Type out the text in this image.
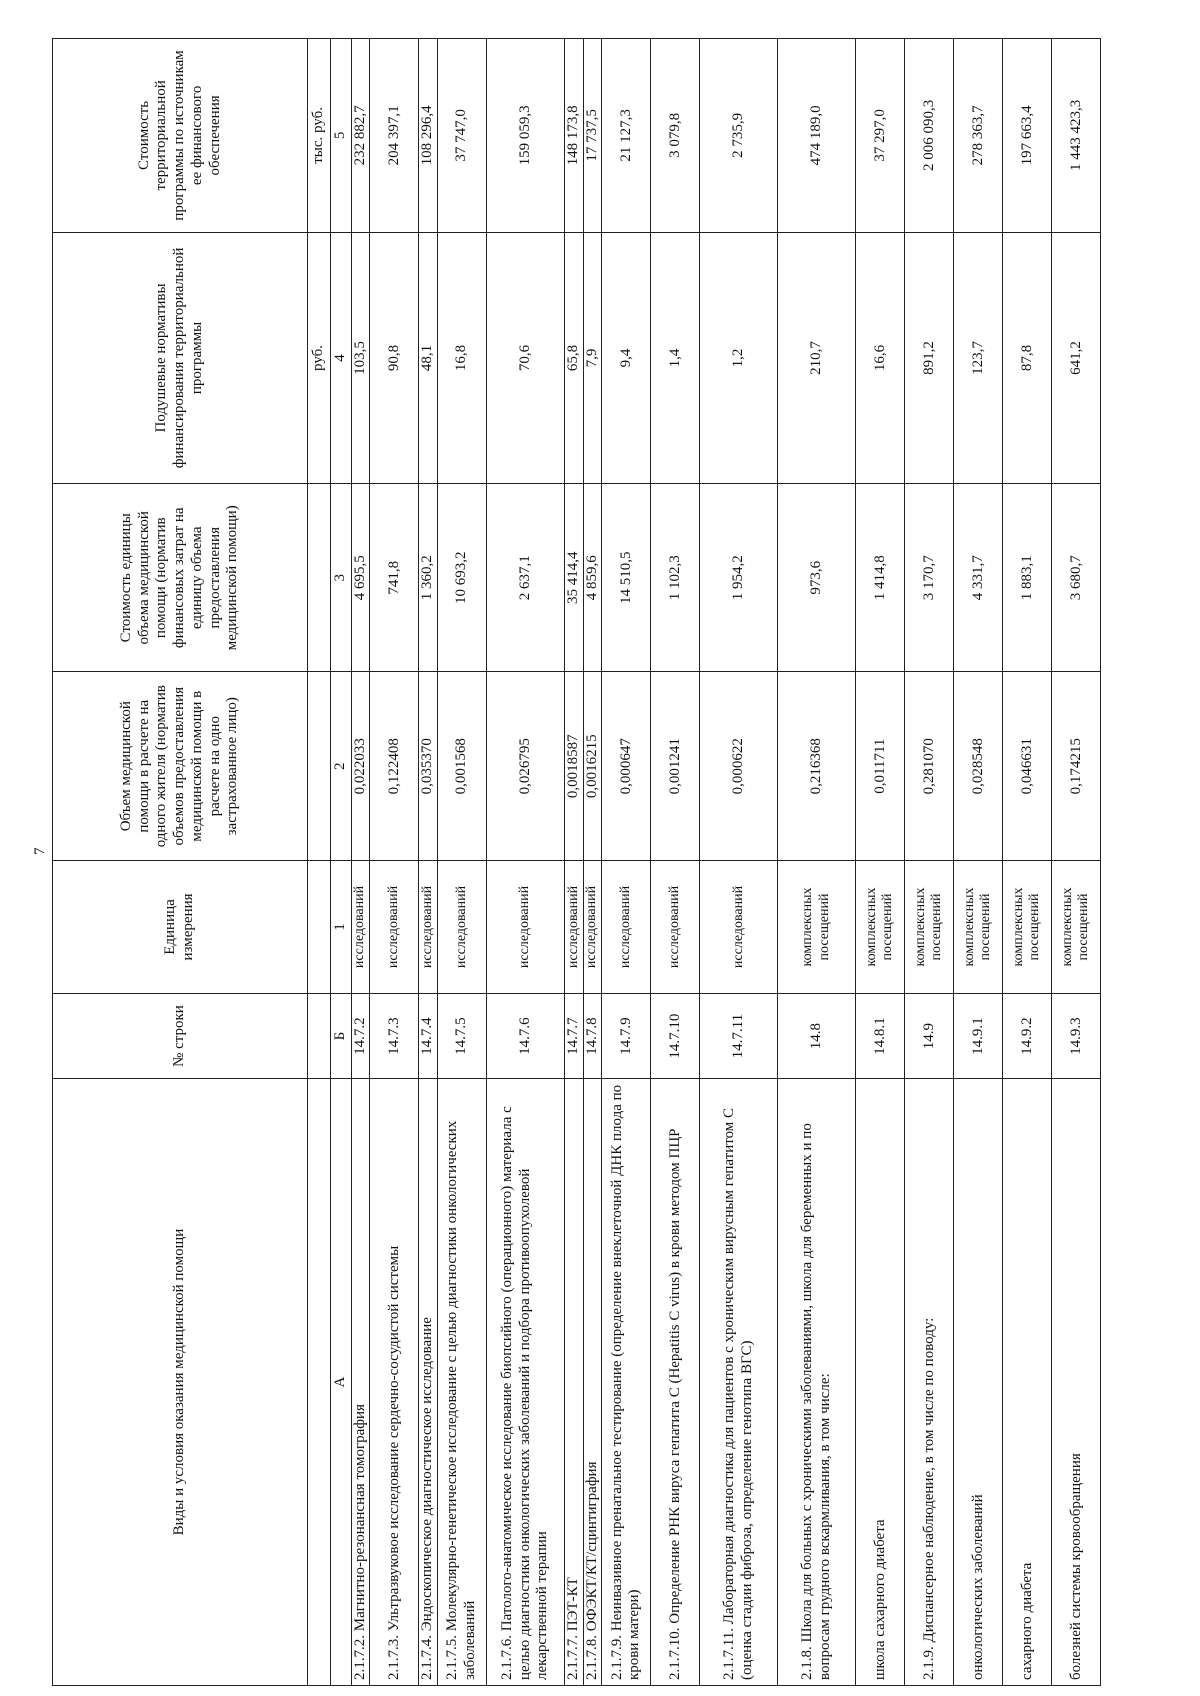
7
Виды и условия оказания медицинской помощи	№ строки	Единица измерения	Объем медицинской помощи в расчете на одного жителя (норматив объемов предоставления медицинской помощи в расчете на одно застрахованное лицо)	Стоимость единицы объема медицинской помощи (норматив финансовых затрат на единицу объема предоставления медицинской помощи)	Подушевые нормативы финансирования территориальной программы	Стоимость территориальной программы по источникам ее финансового обеспечения
					руб.	тыс. руб.
А	Б	1	2	3	4	5
2.1.7.2. Магнитно-резонансная томография	14.7.2	исследований	0,022033	4 695,5	103,5	232 882,7
2.1.7.3. Ультразвуковое исследование сердечно-сосудистой системы	14.7.3	исследований	0,122408	741,8	90,8	204 397,1
2.1.7.4. Эндоскопическое диагностическое исследование	14.7.4	исследований	0,035370	1 360,2	48,1	108 296,4
2.1.7.5. Молекулярно-генетическое исследование с целью диагностики онкологических заболеваний	14.7.5	исследований	0,001568	10 693,2	16,8	37 747,0
2.1.7.6. Патолого-анатомическое исследование биопсийного (операционного) материала с целью диагностики онкологических заболеваний и подбора противоопухолевой лекарственной терапии	14.7.6	исследований	0,026795	2 637,1	70,6	159 059,3
2.1.7.7. ПЭТ-КТ	14.7.7	исследований	0,0018587	35 414,4	65,8	148 173,8
2.1.7.8. ОФЭКТ/КТ/сцинтиграфия	14.7.8	исследований	0,0016215	4 859,6	7,9	17 737,5
2.1.7.9. Неинвазивное пренатальное тестирование (определение внеклеточной ДНК плода по крови матери)	14.7.9	исследований	0,000647	14 510,5	9,4	21 127,3
2.1.7.10. Определение РНК вируса гепатита С (Hepatitis С virus) в крови методом ПЦР	14.7.10	исследований	0,001241	1 102,3	1,4	3 079,8
2.1.7.11. Лабораторная диагностика для пациентов с хроническим вирусным гепатитом С (оценка стадии фиброза, определение генотипа ВГС)	14.7.11	исследований	0,000622	1 954,2	1,2	2 735,9
2.1.8. Школа для больных с хроническими заболеваниями, школа для беременных и по вопросам грудного вскармливания, в том числе:	14.8	комплексных посещений	0,216368	973,6	210,7	474 189,0
школа сахарного диабета	14.8.1	комплексных посещений	0,011711	1 414,8	16,6	37 297,0
2.1.9. Диспансерное наблюдение, в том числе по поводу:	14.9	комплексных посещений	0,281070	3 170,7	891,2	2 006 090,3
онкологических заболеваний	14.9.1	комплексных посещений	0,028548	4 331,7	123,7	278 363,7
сахарного диабета	14.9.2	комплексных посещений	0,046631	1 883,1	87,8	197 663,4
болезней системы кровообращения	14.9.3	комплексных посещений	0,174215	3 680,7	641,2	1 443 423,3
